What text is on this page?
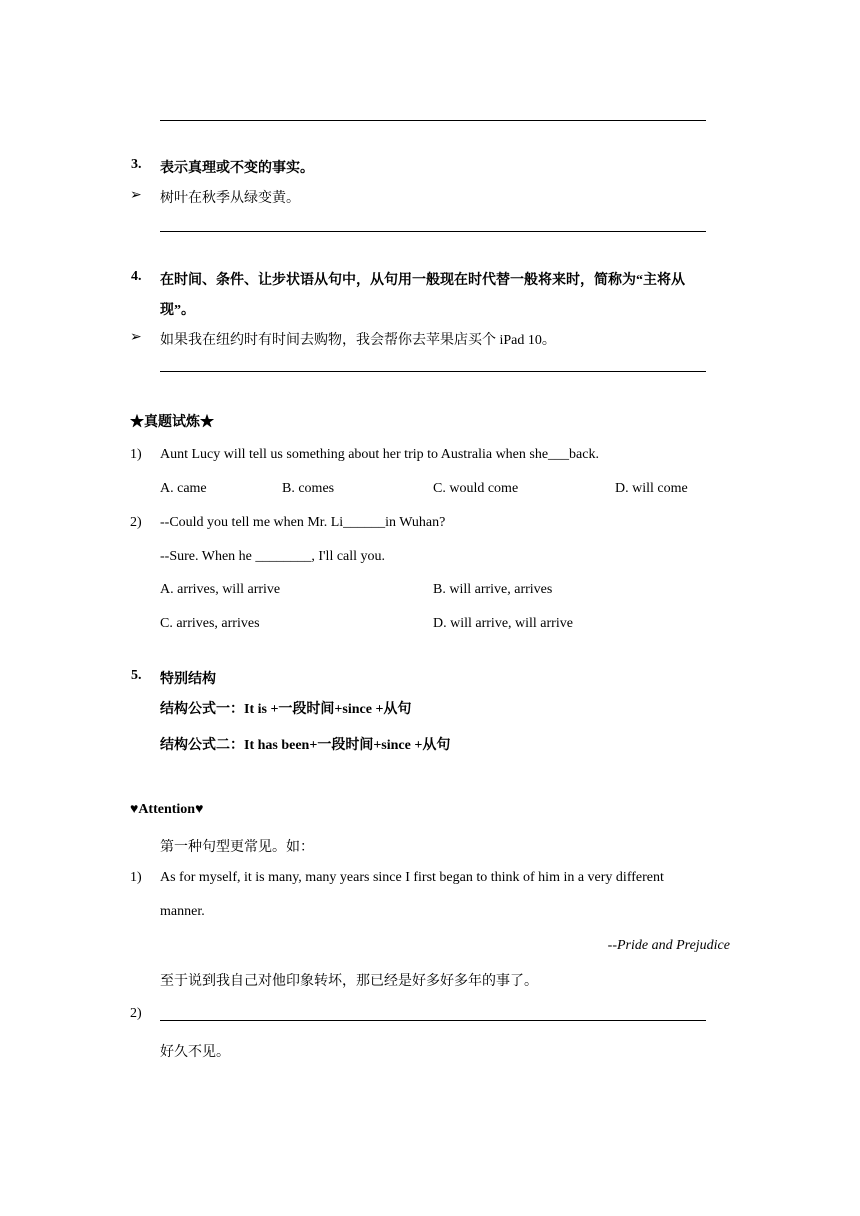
3. 表示真理或不变的事实。
➢ 树叶在秋季从绿变黄。
4. 在时间、条件、让步状语从句中，从句用一般现在时代替一般将来时，简称为“主将从
现”。
➢ 如果我在纽约时有时间去购物，我会帮你去苹果店买个 iPad 10。
★真题试炼★
1) Aunt Lucy will tell us something about her trip to Australia when she___back.
A. came	B. comes	C. would come	D. will come
2) --Could you tell me when Mr. Li______in Wuhan?
--Sure. When he ________, I'll call you.
A. arrives, will arrive	B. will arrive, arrives
C. arrives, arrives	D. will arrive, will arrive
5. 特别结构
结构公式一：It is +一段时间+since +从句
结构公式二：It has been+一段时间+since +从句
♥Attention♥
第一种句型更常见。如：
1) As for myself, it is many, many years since I first began to think of him in a very different
manner.
--Pride and Prejudice
至于说到我自己对他印象转坏，那已经是好多好多年的事了。
2)
好久不见。
